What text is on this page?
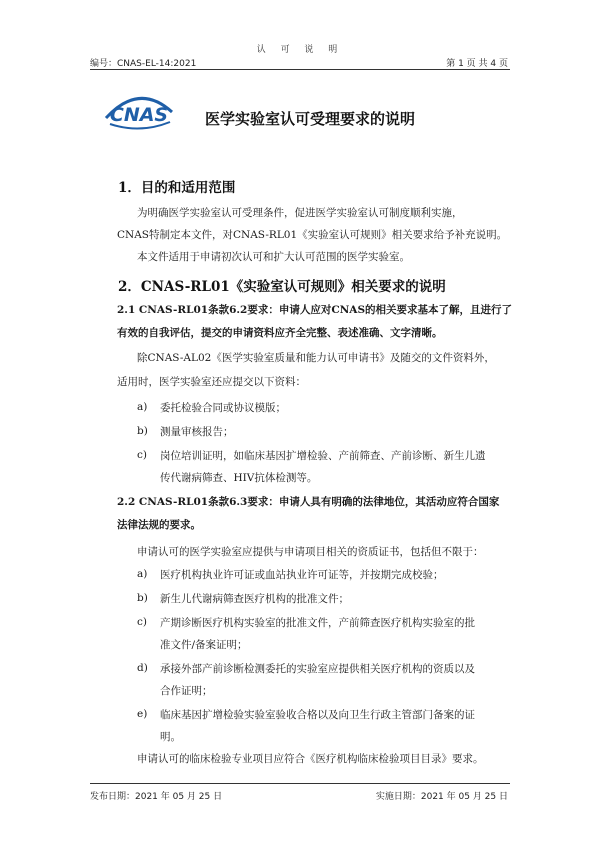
认 可 说 明
编号：CNAS-EL-14:2021	第 1 页 共 4 页
CNAS 医学实验室认可受理要求的说明
1．目的和适用范围
为明确医学实验室认可受理条件，促进医学实验室认可制度顺利实施，
CNAS特制定本文件，对CNAS-RL01《实验室认可规则》相关要求给予补充说明。
本文件适用于申请初次认可和扩大认可范围的医学实验室。
2．CNAS-RL01《实验室认可规则》相关要求的说明
2.1 CNAS-RL01条款6.2要求：申请人应对CNAS的相关要求基本了解，且进行了
有效的自我评估，提交的申请资料应齐全完整、表述准确、文字清晰。
除CNAS-AL02《医学实验室质量和能力认可申请书》及随交的文件资料外，
适用时，医学实验室还应提交以下资料：
a) 委托检验合同或协议模版；
b) 测量审核报告；
c) 岗位培训证明，如临床基因扩增检验、产前筛查、产前诊断、新生儿遗
传代谢病筛查、HIV抗体检测等。
2.2 CNAS-RL01条款6.3要求：申请人具有明确的法律地位，其活动应符合国家
法律法规的要求。
申请认可的医学实验室应提供与申请项目相关的资质证书，包括但不限于：
a) 医疗机构执业许可证或血站执业许可证等，并按期完成校验；
b) 新生儿代谢病筛查医疗机构的批准文件；
c) 产期诊断医疗机构实验室的批准文件，产前筛查医疗机构实验室的批
准文件/备案证明；
d) 承接外部产前诊断检测委托的实验室应提供相关医疗机构的资质以及
合作证明；
e) 临床基因扩增检验实验室验收合格以及向卫生行政主管部门备案的证
明。
申请认可的临床检验专业项目应符合《医疗机构临床检验项目目录》要求。
发布日期：2021 年 05 月 25 日	实施日期：2021 年 05 月 25 日
